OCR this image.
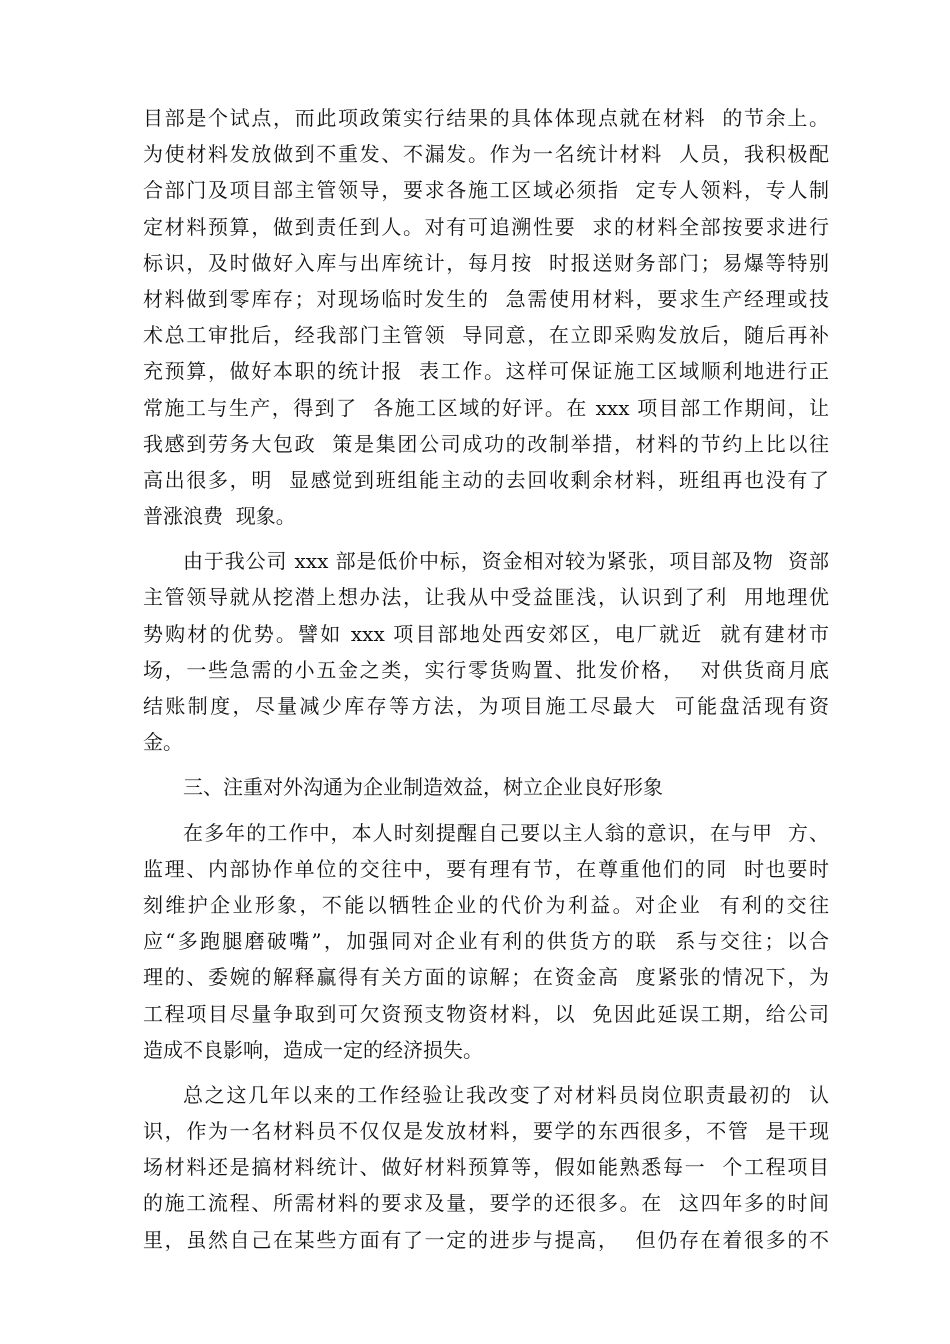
目部是个试点，而此项政策实行结果的具体体现点就在材料  的节余上。
为使材料发放做到不重发、不漏发。作为一名统计材料  人员，我积极配
合部门及项目部主管领导，要求各施工区域必须指  定专人领料，专人制
定材料预算，做到责任到人。对有可追溯性要  求的材料全部按要求进行
标识，及时做好入库与出库统计，每月按  时报送财务部门；易爆等特别
材料做到零库存；对现场临时发生的  急需使用材料，要求生产经理或技
术总工审批后，经我部门主管领  导同意，在立即采购发放后，随后再补
充预算，做好本职的统计报  表工作。这样可保证施工区域顺利地进行正
常施工与生产，得到了  各施工区域的好评。在 xxx 项目部工作期间，让
我感到劳务大包政  策是集团公司成功的改制举措，材料的节约上比以往
高出很多，明  显感觉到班组能主动的去回收剩余材料，班组再也没有了
普涨浪费  现象。
由于我公司 xxx 部是低价中标，资金相对较为紧张，项目部及物  资部
主管领导就从挖潜上想办法，让我从中受益匪浅，认识到了利  用地理优
势购材的优势。譬如 xxx 项目部地处西安郊区，电厂就近  就有建材市
场，一些急需的小五金之类，实行零货购置、批发价格，  对供货商月底
结账制度，尽量减少库存等方法，为项目施工尽最大  可能盘活现有资
金。
三、注重对外沟通为企业制造效益，树立企业良好形象
在多年的工作中，本人时刻提醒自己要以主人翁的意识，在与甲  方、
监理、内部协作单位的交往中，要有理有节，在尊重他们的同  时也要时
刻维护企业形象，不能以牺牲企业的代价为利益。对企业  有利的交往
应“多跑腿磨破嘴”，加强同对企业有利的供货方的联  系与交往；以合
理的、委婉的解释赢得有关方面的谅解；在资金高  度紧张的情况下，为
工程项目尽量争取到可欠资预支物资材料，以  免因此延误工期，给公司
造成不良影响，造成一定的经济损失。
总之这几年以来的工作经验让我改变了对材料员岗位职责最初的  认
识，作为一名材料员不仅仅是发放材料，要学的东西很多，不管  是干现
场材料还是搞材料统计、做好材料预算等，假如能熟悉每一  个工程项目
的施工流程、所需材料的要求及量，要学的还很多。在  这四年多的时间
里，虽然自己在某些方面有了一定的进步与提高，  但仍存在着很多的不
